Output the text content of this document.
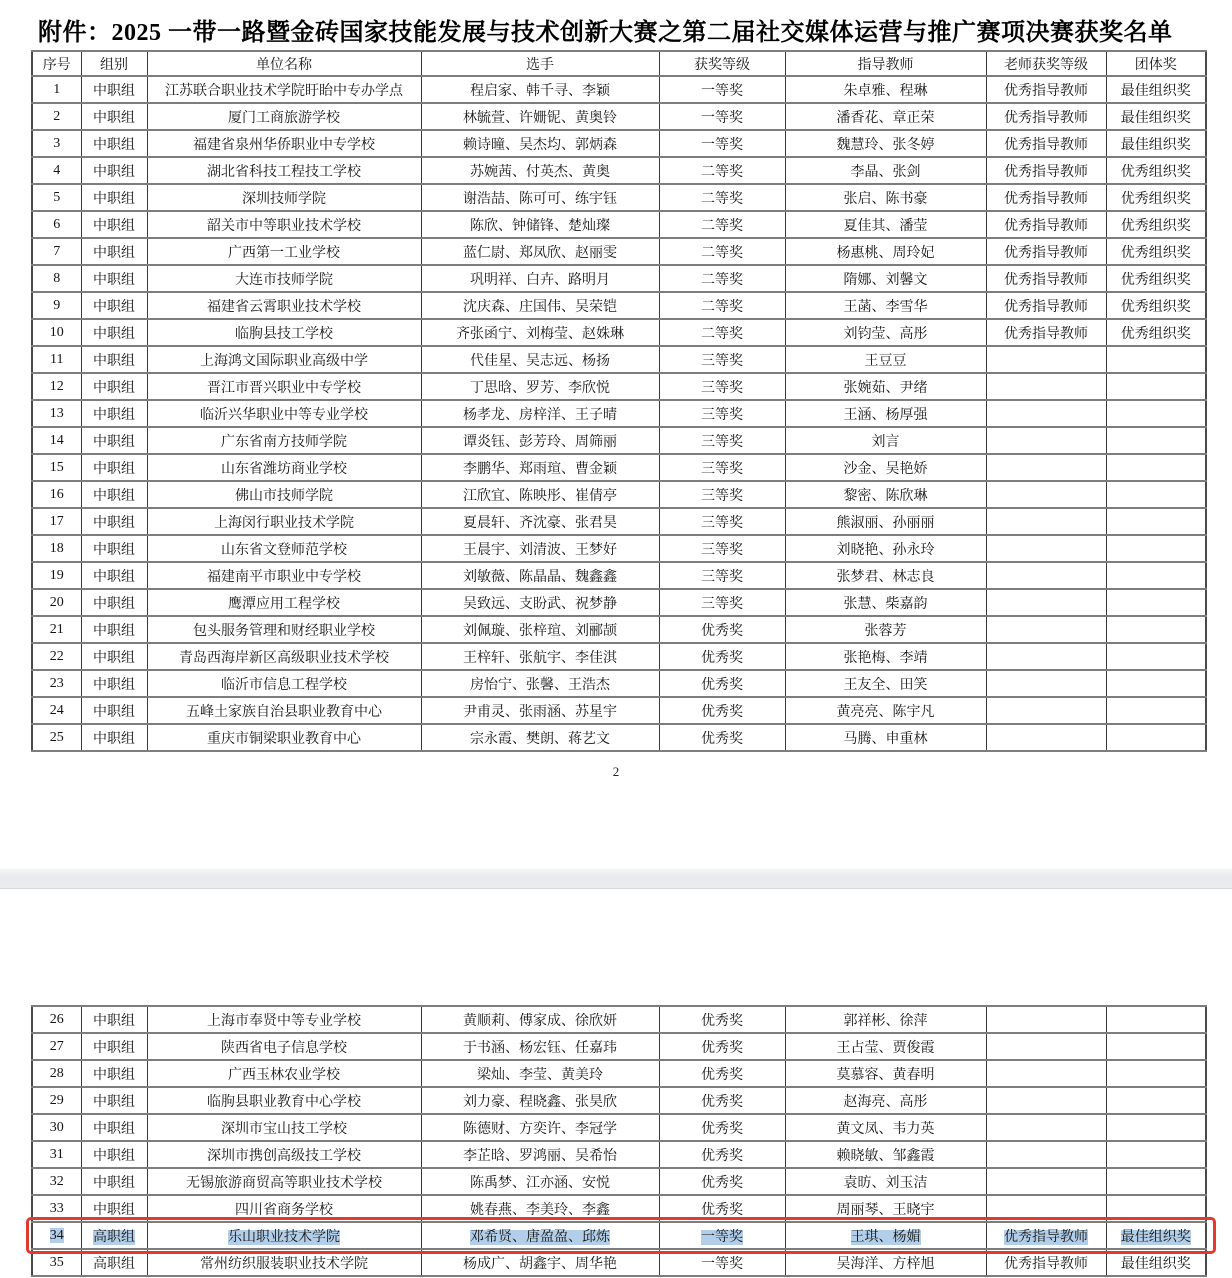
附件：2025 一带一路暨金砖国家技能发展与技术创新大赛之第二届社交媒体运营与推广赛项决赛获奖名单
序号	组别	单位名称	选手	获奖等级	指导教师	老师获奖等级	团体奖
1	中职组	江苏联合职业技术学院盱眙中专办学点	程启家、韩千寻、李颖	一等奖	朱卓雅、程琳	优秀指导教师	最佳组织奖
2	中职组	厦门工商旅游学校	林毓萱、许姗铌、黄奥铃	一等奖	潘香花、章正荣	优秀指导教师	最佳组织奖
3	中职组	福建省泉州华侨职业中专学校	赖诗曈、吴杰均、郭炳森	一等奖	魏慧玲、张冬婷	优秀指导教师	最佳组织奖
4	中职组	湖北省科技工程技工学校	苏婉茜、付英杰、黄奥	二等奖	李晶、张剑	优秀指导教师	优秀组织奖
5	中职组	深圳技师学院	谢浩喆、陈可可、练宇钰	二等奖	张启、陈书豪	优秀指导教师	优秀组织奖
6	中职组	韶关市中等职业技术学校	陈欣、钟储锋、楚灿璨	二等奖	夏佳其、潘莹	优秀指导教师	优秀组织奖
7	中职组	广西第一工业学校	蓝仁尉、郑凤欣、赵丽雯	二等奖	杨惠桃、周玲妃	优秀指导教师	优秀组织奖
8	中职组	大连市技师学院	巩明祥、白卉、路明月	二等奖	隋娜、刘馨文	优秀指导教师	优秀组织奖
9	中职组	福建省云霄职业技术学校	沈庆森、庄国伟、吴荣铠	二等奖	王菡、李雪华	优秀指导教师	优秀组织奖
10	中职组	临朐县技工学校	齐张函宁、刘梅莹、赵姝琳	二等奖	刘钧莹、高彤	优秀指导教师	优秀组织奖
11	中职组	上海鸿文国际职业高级中学	代佳星、吴志远、杨扬	三等奖	王豆豆		
12	中职组	晋江市晋兴职业中专学校	丁思晗、罗芳、李欣悦	三等奖	张婉茹、尹绪		
13	中职组	临沂兴华职业中等专业学校	杨孝龙、房梓洋、王子晴	三等奖	王涵、杨厚强		
14	中职组	广东省南方技师学院	谭炎钰、彭芳玲、周筛丽	三等奖	刘言		
15	中职组	山东省潍坊商业学校	李鹏华、郑雨瑄、曹金颖	三等奖	沙金、吴艳娇		
16	中职组	佛山市技师学院	江欣宜、陈映彤、崔倩亭	三等奖	黎密、陈欣琳		
17	中职组	上海闵行职业技术学院	夏晨轩、齐沈豪、张君昊	三等奖	熊淑丽、孙丽丽		
18	中职组	山东省文登师范学校	王晨宇、刘清波、王梦好	三等奖	刘晓艳、孙永玲		
19	中职组	福建南平市职业中专学校	刘敏薇、陈晶晶、魏鑫鑫	三等奖	张梦君、林志良		
20	中职组	鹰潭应用工程学校	吴致远、支盼武、祝梦静	三等奖	张慧、柴嘉韵		
21	中职组	包头服务管理和财经职业学校	刘佩璇、张梓瑄、刘郦颉	优秀奖	张蓉芳		
22	中职组	青岛西海岸新区高级职业技术学校	王梓轩、张航宇、李佳淇	优秀奖	张艳梅、李靖		
23	中职组	临沂市信息工程学校	房怡宁、张馨、王浩杰	优秀奖	王友全、田笑		
24	中职组	五峰土家族自治县职业教育中心	尹甫灵、张雨涵、苏星宇	优秀奖	黄亮亮、陈宇凡		
25	中职组	重庆市铜梁职业教育中心	宗永霞、樊朗、蒋艺文	优秀奖	马腾、申重林		
2
26	中职组	上海市奉贤中等专业学校	黄顺莉、傅家成、徐欣妍	优秀奖	郭祥彬、徐萍		
27	中职组	陕西省电子信息学校	于书涵、杨宏钰、任嘉玮	优秀奖	王占莹、贾俊霞		
28	中职组	广西玉林农业学校	梁灿、李莹、黄美玲	优秀奖	莫慕容、黄春明		
29	中职组	临朐县职业教育中心学校	刘力豪、程晓鑫、张昊欣	优秀奖	赵海亮、高彤		
30	中职组	深圳市宝山技工学校	陈德财、方奕许、李冠学	优秀奖	黄文凤、韦力英		
31	中职组	深圳市携创高级技工学校	李芷晗、罗鸿丽、吴希怡	优秀奖	赖晓敏、邹鑫霞		
32	中职组	无锡旅游商贸高等职业技术学校	陈禹梦、江亦涵、安悦	优秀奖	袁昉、刘玉洁		
33	中职组	四川省商务学校	姚春燕、李美玲、李鑫	优秀奖	周丽琴、王晓宇		
34	高职组	乐山职业技术学院	邓希贤、唐盈盈、邱炼	一等奖	王琪、杨媚	优秀指导教师	最佳组织奖
35	高职组	常州纺织服装职业技术学院	杨成广、胡鑫宇、周华艳	一等奖	吴海洋、方梓旭	优秀指导教师	最佳组织奖
